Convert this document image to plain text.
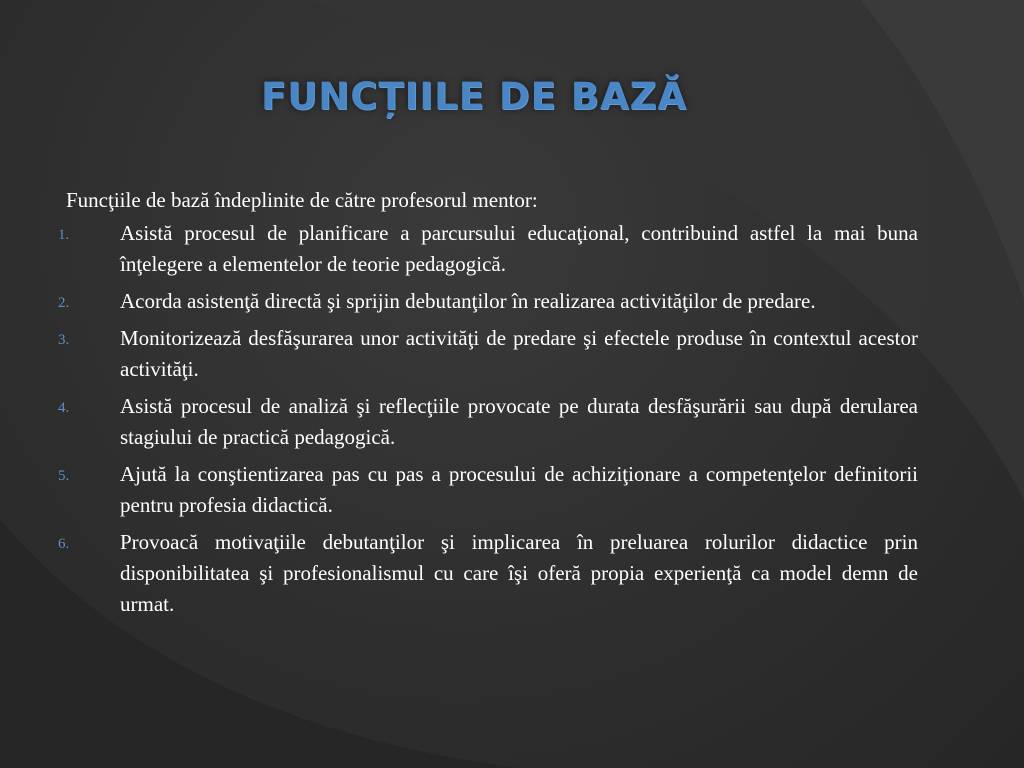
FUNCȚIILE DE BAZĂ

Funcţiile de bază îndeplinite de către profesorul mentor:

1. Asistă procesul de planificare a parcursului educaţional, contribuind astfel la mai buna înţelegere a elementelor de teorie pedagogică.
2. Acorda asistenţă directă şi sprijin debutanţilor în realizarea activităţilor de predare.
3. Monitorizează desfăşurarea unor activităţi de predare şi efectele produse în contextul acestor activităţi.
4. Asistă procesul de analiză şi reflecţiile provocate pe durata desfăşurării sau după derularea stagiului de practică pedagogică.
5. Ajută la conştientizarea pas cu pas a procesului de achiziţionare a competenţelor definitorii pentru profesia didactică.
6. Provoacă motivaţiile debutanţilor şi implicarea în preluarea rolurilor didactice prin disponibilitatea şi profesionalismul cu care îşi oferă propia experienţă ca model demn de urmat.
